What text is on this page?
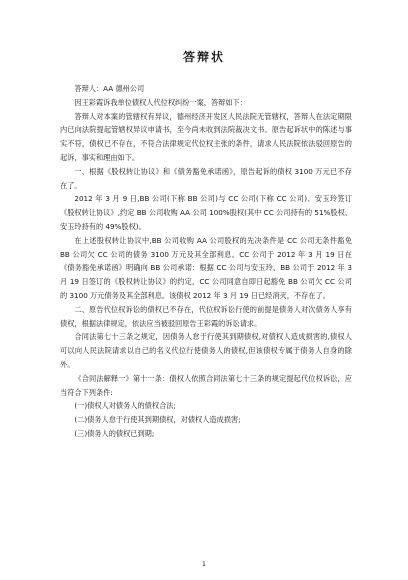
答辩状

答辩人：AA 德州公司

因王彩霞诉我单位债权人代位权纠纷一案，答辩如下：

答辩人对本案的管辖权有异议，德州经济开发区人民法院无管辖权，答辩人在法定期限内已向法院提起管辖权异议申请书，至今尚未收到法院裁决文书。原告起诉状中的陈述与事实不符，债权已不存在，不符合法律规定代位权主张的条件，请求人民法院依法驳回原告的起诉，事实和理由如下。

一、根据《股权转让协议》和《债务豁免承诺函》，原告起诉的债权 3100 万元已不存在了。

2012 年 3 月 9 日,BB 公司(下称 BB 公司)与 CC 公司(下称 CC 公司)、安玉玲签订《股权转让协议》,约定 BB 公司收购 AA 公司 100%股权(其中 CC 公司持有的 51%股权、安玉玲持有的 49%股权)。

在上述股权转让协议中,BB 公司收购 AA 公司股权的先决条件是 CC 公司无条件豁免 BB 公司欠 CC 公司的债务 3100 万元及其全部利息。CC 公司于 2012 年 3 月 19 日在《债务豁免承诺函》明确向 BB 公司承诺：根据 CC 公司与安玉玲、BB 公司于 2012 年 3 月 19 日签订的《股权转让协议》的约定，CC 公司同意自即日起豁免 BB 公司欠 CC 公司的 3100 万元债务及其全部利息。该债权 2012 年 3 月 19 日已经消灭，不存在了。

二、原告代位权诉讼的债权已不存在，代位权诉讼行使的前提是债务人对次债务人享有债权，根据法律规定，依法应当被驳回原告王彩霞的诉讼请求。

合同法第七十三条之规定，因债务人怠于行使其到期债权,对债权人造成损害的,债权人可以向人民法院请求以自己的名义代位行使债务人的债权,但该债权专属于债务人自身的除外。

《合同法解释一》第十一条：债权人依照合同法第七十三条的规定提起代位权诉讼，应当符合下列条件:

(一)债权人对债务人的债权合法;

(二)债务人怠于行使其到期债权，对债权人造成损害;

(三)债务人的债权已到期;

1
